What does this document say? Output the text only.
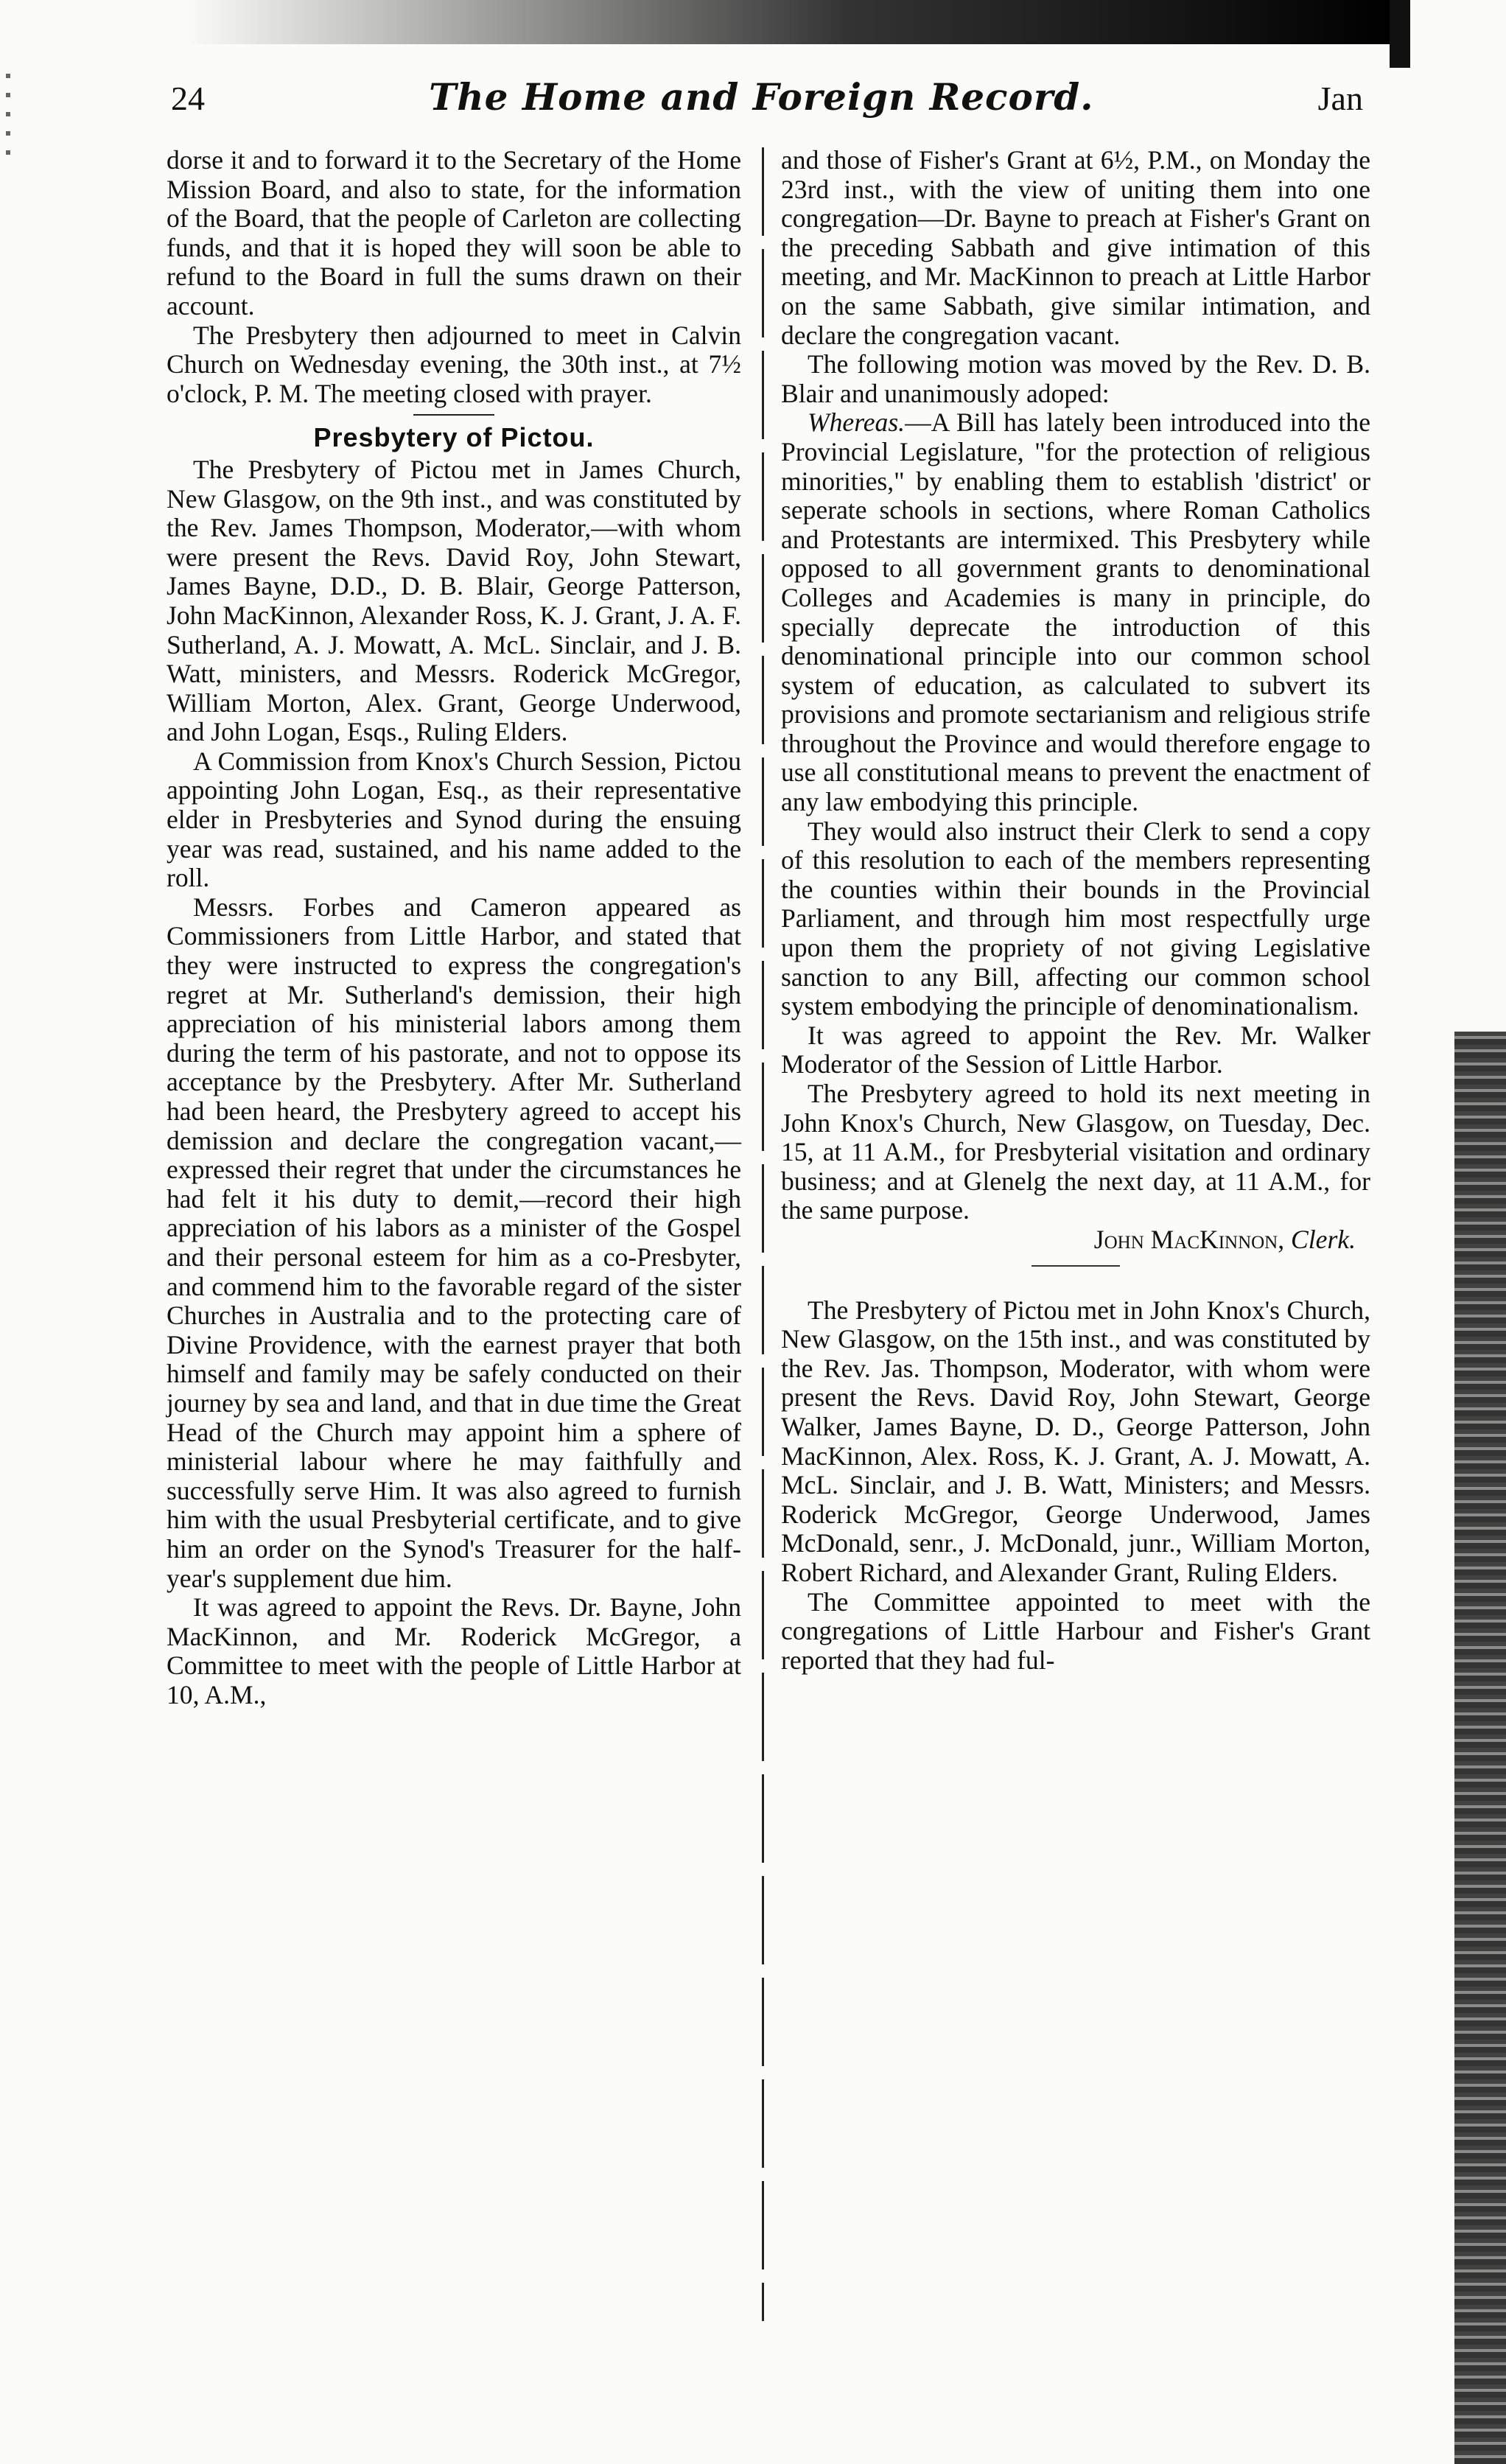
24	The Home and Foreign Record.	Jan

dorse it and to forward it to the Secretary of the Home Mission Board, and also to state, for the information of the Board, that the people of Carleton are collecting funds, and that it is hoped they will soon be able to refund to the Board in full the sums drawn on their account.

The Presbytery then adjourned to meet in Calvin Church on Wednesday evening, the 30th inst., at 7½ o'clock, P. M. The meeting closed with prayer.

Presbytery of Pictou.

The Presbytery of Pictou met in James Church, New Glasgow, on the 9th inst., and was constituted by the Rev. James Thompson, Moderator,—with whom were present the Revs. David Roy, John Stewart, James Bayne, D.D., D. B. Blair, George Patterson, John MacKinnon, Alexander Ross, K. J. Grant, J. A. F. Sutherland, A. J. Mowatt, A. McL. Sinclair, and J. B. Watt, ministers, and Messrs. Roderick McGregor, William Morton, Alex. Grant, George Underwood, and John Logan, Esqs., Ruling Elders.

A Commission from Knox's Church Session, Pictou appointing John Logan, Esq., as their representative elder in Presbyteries and Synod during the ensuing year was read, sustained, and his name added to the roll.

Messrs. Forbes and Cameron appeared as Commissioners from Little Harbor, and stated that they were instructed to express the congregation's regret at Mr. Sutherland's demission, their high appreciation of his ministerial labors among them during the term of his pastorate, and not to oppose its acceptance by the Presbytery. After Mr. Sutherland had been heard, the Presbytery agreed to accept his demission and declare the congregation vacant,—expressed their regret that under the circumstances he had felt it his duty to demit,—record their high appreciation of his labors as a minister of the Gospel and their personal esteem for him as a co-Presbyter, and commend him to the favorable regard of the sister Churches in Australia and to the protecting care of Divine Providence, with the earnest prayer that both himself and family may be safely conducted on their journey by sea and land, and that in due time the Great Head of the Church may appoint him a sphere of ministerial labour where he may faithfully and successfully serve Him. It was also agreed to furnish him with the usual Presbyterial certificate, and to give him an order on the Synod's Treasurer for the half-year's supplement due him.

It was agreed to appoint the Revs. Dr. Bayne, John MacKinnon, and Mr. Roderick McGregor, a Committee to meet with the people of Little Harbor at 10, A.M.,

and those of Fisher's Grant at 6½, P.M., on Monday the 23rd inst., with the view of uniting them into one congregation—Dr. Bayne to preach at Fisher's Grant on the preceding Sabbath and give intimation of this meeting, and Mr. MacKinnon to preach at Little Harbor on the same Sabbath, give similar intimation, and declare the congregation vacant.

The following motion was moved by the Rev. D. B. Blair and unanimously adoped:

Whereas.—A Bill has lately been introduced into the Provincial Legislature, "for the protection of religious minorities," by enabling them to establish 'district' or seperate schools in sections, where Roman Catholics and Protestants are intermixed. This Presbytery while opposed to all government grants to denominational Colleges and Academies is many in principle, do specially deprecate the introduction of this denominational principle into our common school system of education, as calculated to subvert its provisions and promote sectarianism and religious strife throughout the Province and would therefore engage to use all constitutional means to prevent the enactment of any law embodying this principle.

They would also instruct their Clerk to send a copy of this resolution to each of the members representing the counties within their bounds in the Provincial Parliament, and through him most respectfully urge upon them the propriety of not giving Legislative sanction to any Bill, affecting our common school system embodying the principle of denominationalism.

It was agreed to appoint the Rev. Mr. Walker Moderator of the Session of Little Harbor.

The Presbytery agreed to hold its next meeting in John Knox's Church, New Glasgow, on Tuesday, Dec. 15, at 11 A.M., for Presbyterial visitation and ordinary business; and at Glenelg the next day, at 11 A.M., for the same purpose.

John MacKinnon, Clerk.

The Presbytery of Pictou met in John Knox's Church, New Glasgow, on the 15th inst., and was constituted by the Rev. Jas. Thompson, Moderator, with whom were present the Revs. David Roy, John Stewart, George Walker, James Bayne, D. D., George Patterson, John MacKinnon, Alex. Ross, K. J. Grant, A. J. Mowatt, A. McL. Sinclair, and J. B. Watt, Ministers; and Messrs. Roderick McGregor, George Underwood, James McDonald, senr., J. McDonald, junr., William Morton, Robert Richard, and Alexander Grant, Ruling Elders.

The Committee appointed to meet with the congregations of Little Harbour and Fisher's Grant reported that they had ful-
